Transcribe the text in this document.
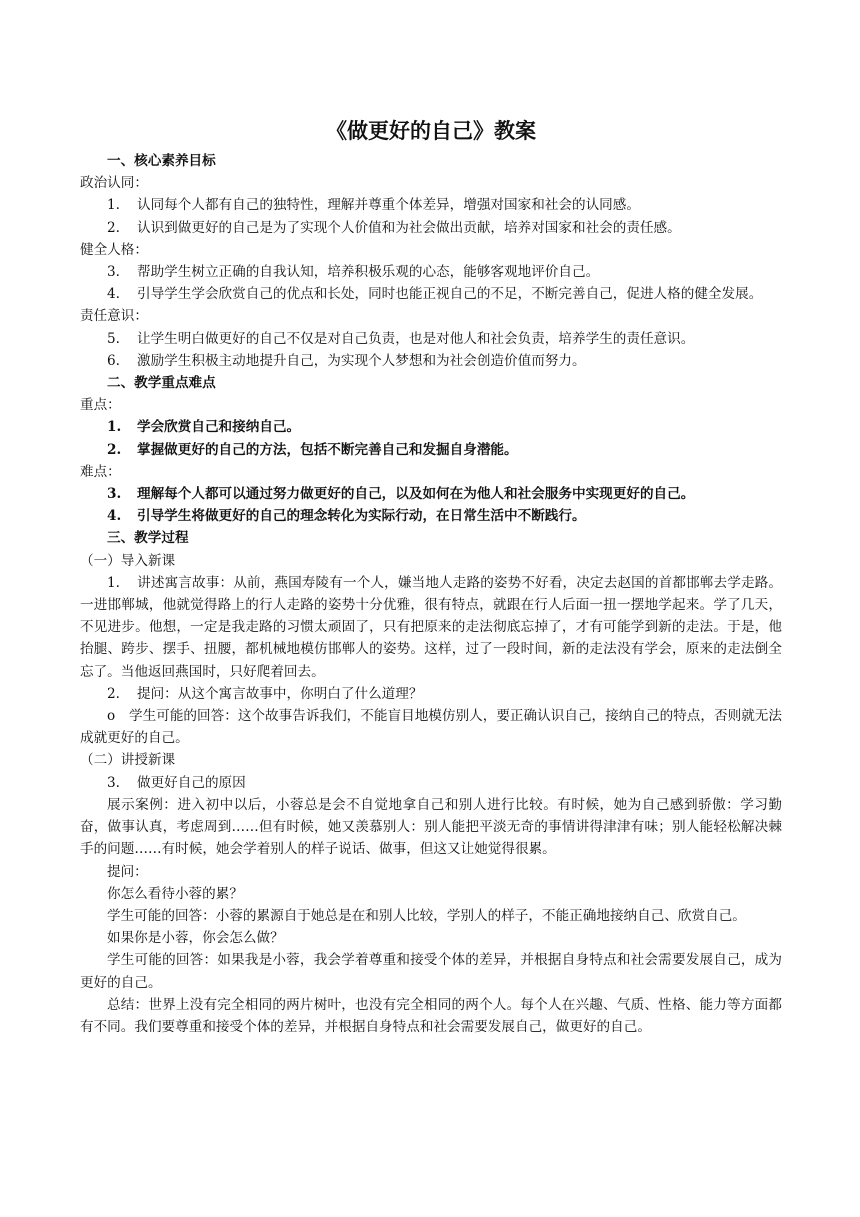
《做更好的自己》教案
一、核心素养目标
政治认同：
1. 认同每个人都有自己的独特性，理解并尊重个体差异，增强对国家和社会的认同感。
2. 认识到做更好的自己是为了实现个人价值和为社会做出贡献，培养对国家和社会的责任感。
健全人格：
3. 帮助学生树立正确的自我认知，培养积极乐观的心态，能够客观地评价自己。
4. 引导学生学会欣赏自己的优点和长处，同时也能正视自己的不足，不断完善自己，促进人格的健全发展。
责任意识：
5. 让学生明白做更好的自己不仅是对自己负责，也是对他人和社会负责，培养学生的责任意识。
6. 激励学生积极主动地提升自己，为实现个人梦想和为社会创造价值而努力。
二、教学重点难点
重点：
1. 学会欣赏自己和接纳自己。
2. 掌握做更好的自己的方法，包括不断完善自己和发掘自身潜能。
难点：
3. 理解每个人都可以通过努力做更好的自己，以及如何在为他人和社会服务中实现更好的自己。
4. 引导学生将做更好的自己的理念转化为实际行动，在日常生活中不断践行。
三、教学过程
（一）导入新课
1. 讲述寓言故事：从前，燕国寿陵有一个人，嫌当地人走路的姿势不好看，决定去赵国的首都邯郸去学走路。一进邯郸城，他就觉得路上的行人走路的姿势十分优雅，很有特点，就跟在行人后面一扭一摆地学起来。学了几天，不见进步。他想，一定是我走路的习惯太顽固了，只有把原来的走法彻底忘掉了，才有可能学到新的走法。于是，他抬腿、跨步、摆手、扭腰，都机械地模仿邯郸人的姿势。这样，过了一段时间，新的走法没有学会，原来的走法倒全忘了。当他返回燕国时，只好爬着回去。
2. 提问：从这个寓言故事中，你明白了什么道理？
o 学生可能的回答：这个故事告诉我们，不能盲目地模仿别人，要正确认识自己，接纳自己的特点，否则就无法成就更好的自己。
（二）讲授新课
3. 做更好自己的原因
展示案例：进入初中以后，小蓉总是会不自觉地拿自己和别人进行比较。有时候，她为自己感到骄傲：学习勤奋，做事认真，考虑周到……但有时候，她又羡慕别人：别人能把平淡无奇的事情讲得津津有味；别人能轻松解决棘手的问题……有时候，她会学着别人的样子说话、做事，但这又让她觉得很累。
提问：
你怎么看待小蓉的累？
学生可能的回答：小蓉的累源自于她总是在和别人比较，学别人的样子，不能正确地接纳自己、欣赏自己。
如果你是小蓉，你会怎么做？
学生可能的回答：如果我是小蓉，我会学着尊重和接受个体的差异，并根据自身特点和社会需要发展自己，成为更好的自己。
总结：世界上没有完全相同的两片树叶，也没有完全相同的两个人。每个人在兴趣、气质、性格、能力等方面都有不同。我们要尊重和接受个体的差异，并根据自身特点和社会需要发展自己，做更好的自己。
